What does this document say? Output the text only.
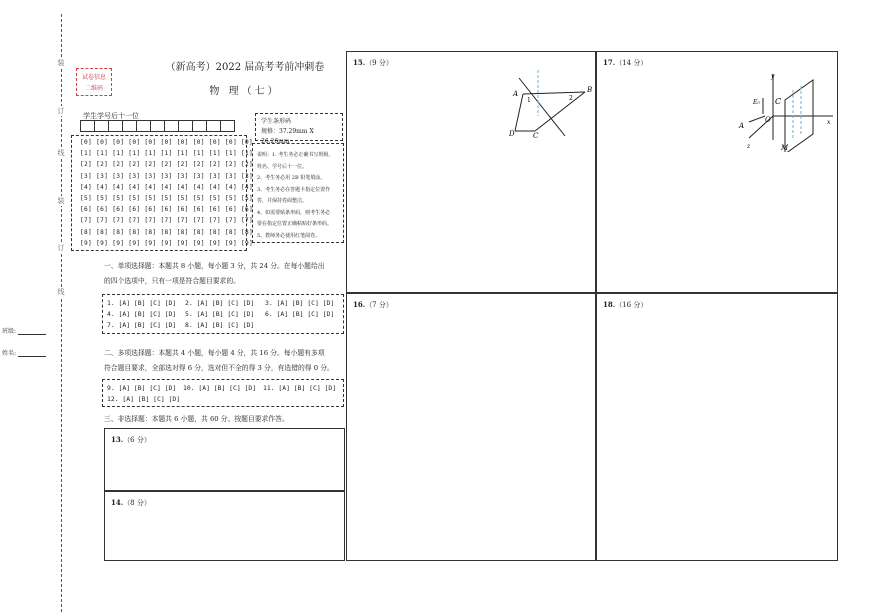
装
订
线
装
订
线
班级:
姓名:
试卷信息
二维码
（新高考）2022 届高考考前冲刺卷
物 理（七）
学生学号后十一位
[0] [0] [0] [0] [0] [0] [0] [0] [0] [0] [0]
[1] [1] [1] [1] [1] [1] [1] [1] [1] [1] [1]
[2] [2] [2] [2] [2] [2] [2] [2] [2] [2] [2]
[3] [3] [3] [3] [3] [3] [3] [3] [3] [3] [3]
[4] [4] [4] [4] [4] [4] [4] [4] [4] [4] [4]
[5] [5] [5] [5] [5] [5] [5] [5] [5] [5] [5]
[6] [6] [6] [6] [6] [6] [6] [6] [6] [6] [6]
[7] [7] [7] [7] [7] [7] [7] [7] [7] [7] [7]
[8] [8] [8] [8] [8] [8] [8] [8] [8] [8] [8]
[9] [9] [9] [9] [9] [9] [9] [9] [9] [9] [9]
学生条形码
规格：37.29mm X 26.26mm
说明：1. 考生务必正确书写班级、
姓名、学号后十一位。
2、考生务必用 2B 铅笔填涂。
3、考生务必在答题卡指定位置作
答，并保持卷面整洁。
4、如需要贴条形码，则考生务必
要在指定位置正确粘贴好条形码。
5、教师务必使用红笔阅卷。
一、单项选择题：本题共 8 小题，每小题 3 分，共 24 分。在每小题给出
的四个选项中，只有一项是符合题目要求的。
1. [A] [B] [C] [D]	2. [A] [B] [C] [D]	3. [A] [B] [C] [D]
4. [A] [B] [C] [D]	5. [A] [B] [C] [D]	6. [A] [B] [C] [D]
7. [A] [B] [C] [D]	8. [A] [B] [C] [D]
二、多项选择题：本题共 4 小题，每小题 4 分，共 16 分。每小题有多项
符合题目要求，全部选对得 6 分，选对但不全的得 3 分，有选错的得 0 分。
9. [A] [B] [C] [D]	10. [A] [B] [C] [D]	11. [A] [B] [C] [D]
12. [A] [B] [C] [D]
三、非选择题：本题共 6 小题，共 60 分。按题目要求作答。
13.（6 分）
14.（8 分）
15.（9 分）
16.（7 分）
17.（14 分）
18.（16 分）
A	B
C
D
1	2
y
x
z
C
O
A
M
E₀
